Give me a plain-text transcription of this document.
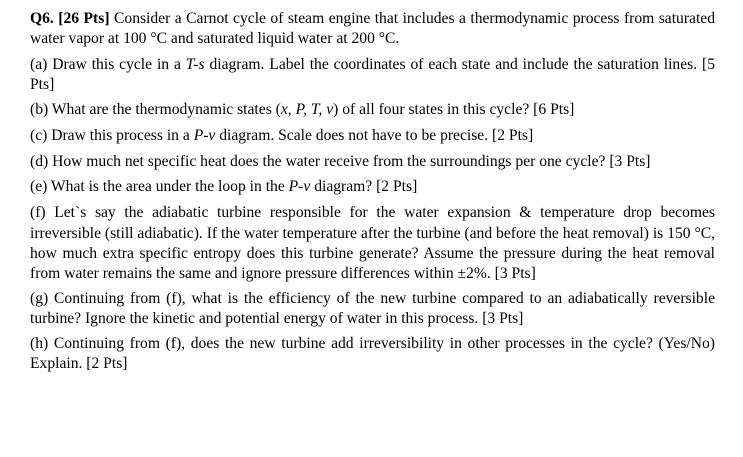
Q6. [26 Pts] Consider a Carnot cycle of steam engine that includes a thermodynamic process from saturated water vapor at 100 °C and saturated liquid water at 200 °C.

(a) Draw this cycle in a T-s diagram. Label the coordinates of each state and include the saturation lines. [5 Pts]

(b) What are the thermodynamic states (x, P, T, v) of all four states in this cycle? [6 Pts]

(c) Draw this process in a P-v diagram. Scale does not have to be precise. [2 Pts]

(d) How much net specific heat does the water receive from the surroundings per one cycle? [3 Pts]

(e) What is the area under the loop in the P-v diagram? [2 Pts]

(f) Let`s say the adiabatic turbine responsible for the water expansion & temperature drop becomes irreversible (still adiabatic). If the water temperature after the turbine (and before the heat removal) is 150 °C, how much extra specific entropy does this turbine generate? Assume the pressure during the heat removal from water remains the same and ignore pressure differences within ±2%. [3 Pts]

(g) Continuing from (f), what is the efficiency of the new turbine compared to an adiabatically reversible turbine? Ignore the kinetic and potential energy of water in this process. [3 Pts]

(h) Continuing from (f), does the new turbine add irreversibility in other processes in the cycle? (Yes/No) Explain. [2 Pts]
